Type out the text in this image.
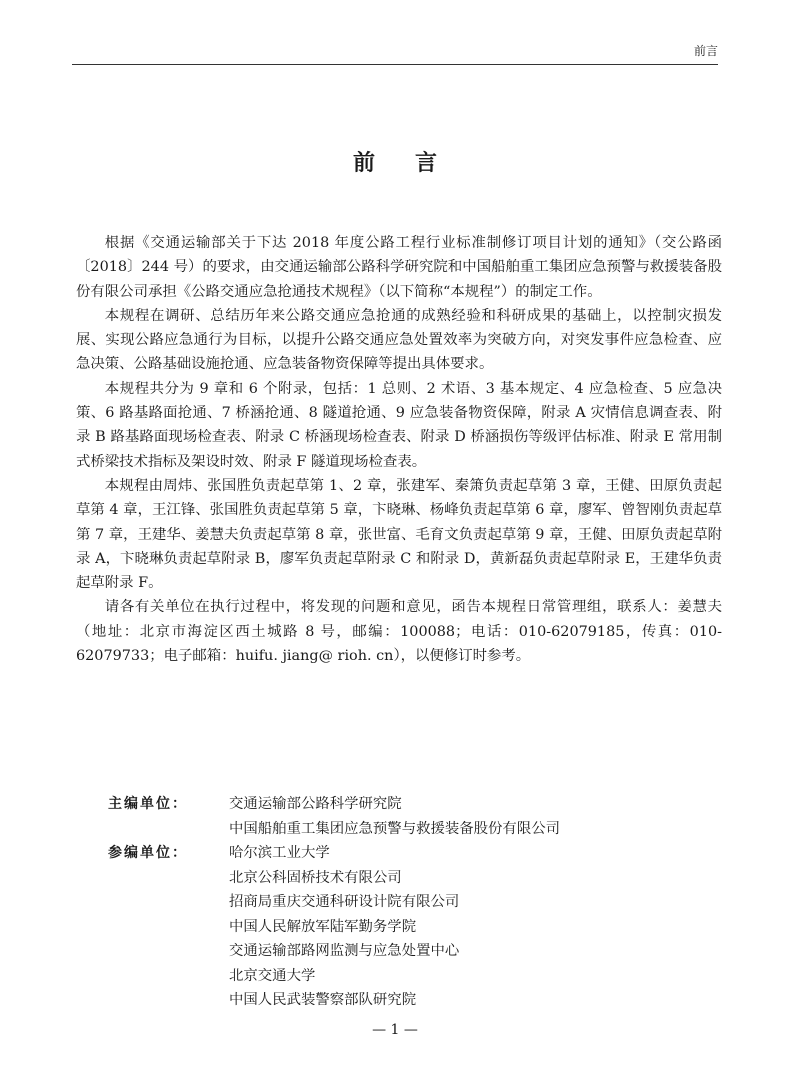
前言
前言

根据《交通运输部关于下达 2018 年度公路工程行业标准制修订项目计划的通知》（交公路函〔2018〕244 号）的要求，由交通运输部公路科学研究院和中国船舶重工集团应急预警与救援装备股份有限公司承担《公路交通应急抢通技术规程》（以下简称“本规程”）的制定工作。

本规程在调研、总结历年来公路交通应急抢通的成熟经验和科研成果的基础上，以控制灾损发展、实现公路应急通行为目标，以提升公路交通应急处置效率为突破方向，对突发事件应急检查、应急决策、公路基础设施抢通、应急装备物资保障等提出具体要求。

本规程共分为 9 章和 6 个附录，包括：1 总则、2 术语、3 基本规定、4 应急检查、5 应急决策、6 路基路面抢通、7 桥涵抢通、8 隧道抢通、9 应急装备物资保障，附录 A 灾情信息调查表、附录 B 路基路面现场检查表、附录 C 桥涵现场检查表、附录 D 桥涵损伤等级评估标准、附录 E 常用制式桥梁技术指标及架设时效、附录 F 隧道现场检查表。

本规程由周炜、张国胜负责起草第 1、2 章，张建军、秦箫负责起草第 3 章，王健、田原负责起草第 4 章，王江锋、张国胜负责起草第 5 章，卞晓琳、杨峰负责起草第 6 章，廖军、曾智刚负责起草第 7 章，王建华、姜慧夫负责起草第 8 章，张世富、毛育文负责起草第 9 章，王健、田原负责起草附录 A，卞晓琳负责起草附录 B，廖军负责起草附录 C 和附录 D，黄新磊负责起草附录 E，王建华负责起草附录 F。

请各有关单位在执行过程中，将发现的问题和意见，函告本规程日常管理组，联系人：姜慧夫（地址：北京市海淀区西土城路 8 号，邮编：100088；电话：010-62079185，传真：010-62079733；电子邮箱：huifu. jiang@ rioh. cn），以便修订时参考。

主编单位：	交通运输部公路科学研究院
中国船舶重工集团应急预警与救援装备股份有限公司
参编单位：	哈尔滨工业大学
北京公科固桥技术有限公司
招商局重庆交通科研设计院有限公司
中国人民解放军陆军勤务学院
交通运输部路网监测与应急处置中心
北京交通大学
中国人民武装警察部队研究院
— 1 —
